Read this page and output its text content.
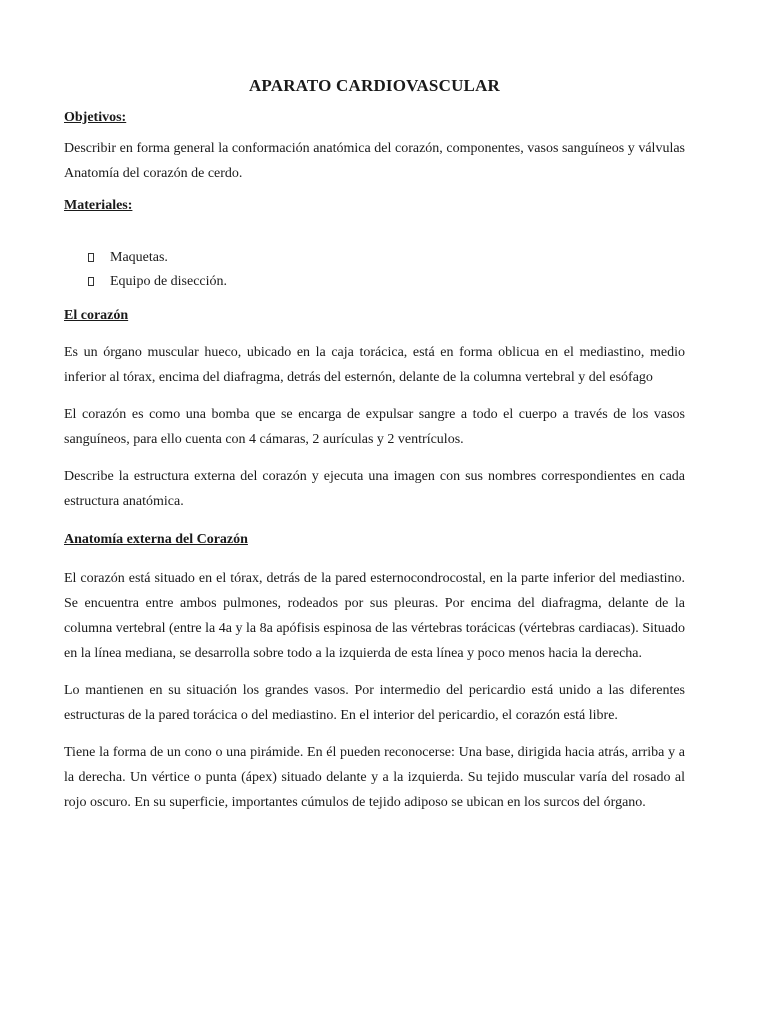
APARATO CARDIOVASCULAR
Objetivos:

Describir en forma general la conformación anatómica del corazón, componentes, vasos sanguíneos y válvulas Anatomía del corazón de cerdo.

Materiales:
Maquetas.
Equipo de disección.
El corazón

Es un órgano muscular hueco, ubicado en la caja torácica, está en forma oblicua en el mediastino, medio inferior al tórax, encima del diafragma, detrás del esternón, delante de la columna vertebral y del esófago

El corazón es como una bomba que se encarga de expulsar sangre a todo el cuerpo a través de los vasos sanguíneos, para ello cuenta con 4 cámaras, 2 aurículas y 2 ventrículos.

Describe la estructura externa del corazón y ejecuta una imagen con sus nombres correspondientes en cada estructura anatómica.

Anatomía externa del Corazón

El corazón está situado en el tórax, detrás de la pared esternocondrocostal, en la parte inferior del mediastino. Se encuentra entre ambos pulmones, rodeados por sus pleuras. Por encima del diafragma, delante de la columna vertebral (entre la 4a y la 8a apófisis espinosa de las vértebras torácicas (vértebras cardiacas). Situado en la línea mediana, se desarrolla sobre todo a la izquierda de esta línea y poco menos hacia la derecha.

Lo mantienen en su situación los grandes vasos. Por intermedio del pericardio está unido a las diferentes estructuras de la pared torácica o del mediastino. En el interior del pericardio, el corazón está libre.

Tiene la forma de un cono o una pirámide. En él pueden reconocerse: Una base, dirigida hacia atrás, arriba y a la derecha. Un vértice o punta (ápex) situado delante y a la izquierda. Su tejido muscular varía del rosado al rojo oscuro. En su superficie, importantes cúmulos de tejido adiposo se ubican en los surcos del órgano.
